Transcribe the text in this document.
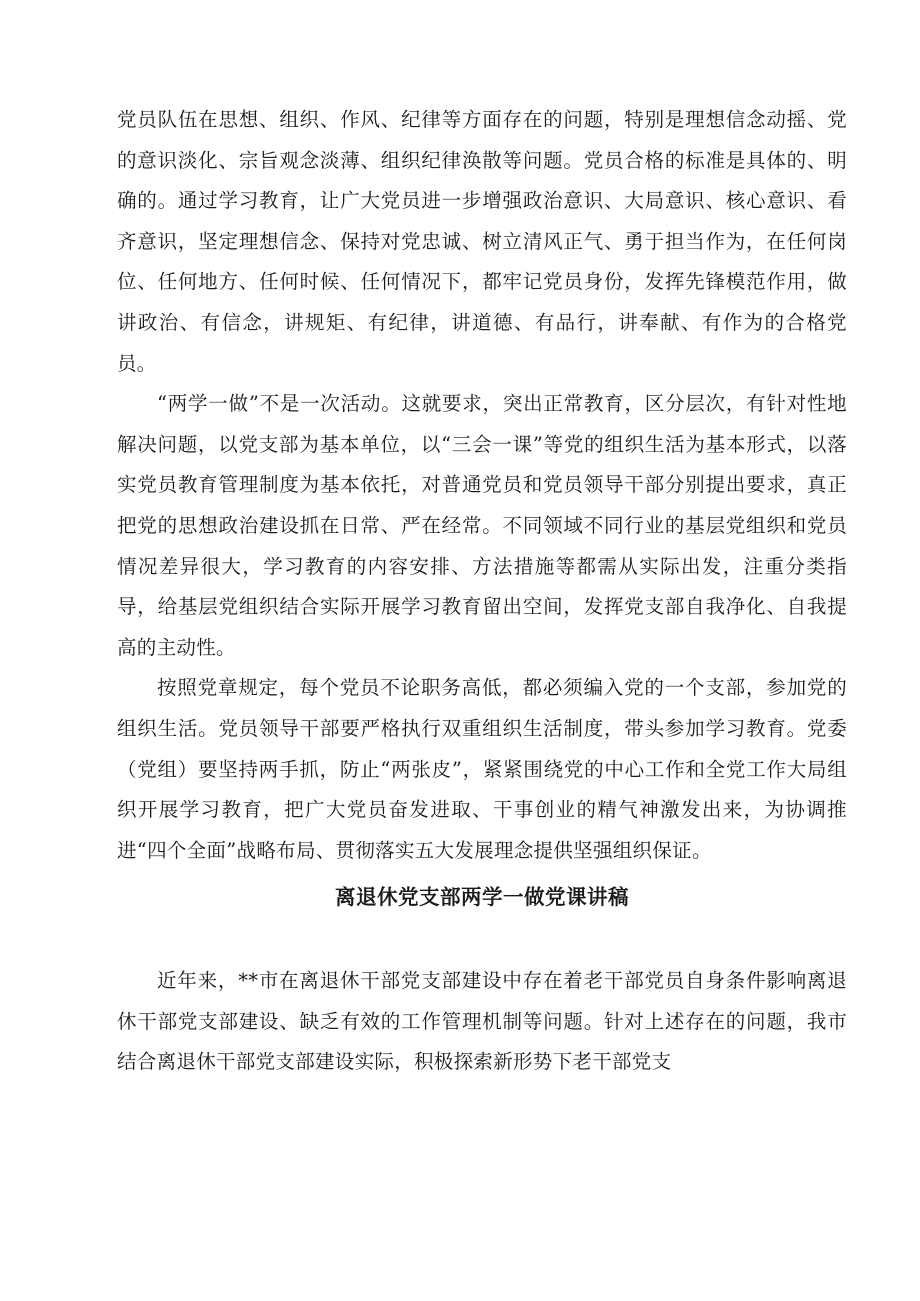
党员队伍在思想、组织、作风、纪律等方面存在的问题，特别是理想信念动摇、党的意识淡化、宗旨观念淡薄、组织纪律涣散等问题。党员合格的标准是具体的、明确的。通过学习教育，让广大党员进一步增强政治意识、大局意识、核心意识、看齐意识，坚定理想信念、保持对党忠诚、树立清风正气、勇于担当作为，在任何岗位、任何地方、任何时候、任何情况下，都牢记党员身份，发挥先锋模范作用，做讲政治、有信念，讲规矩、有纪律，讲道德、有品行，讲奉献、有作为的合格党员。

“两学一做”不是一次活动。这就要求，突出正常教育，区分层次，有针对性地解决问题，以党支部为基本单位，以“三会一课”等党的组织生活为基本形式，以落实党员教育管理制度为基本依托，对普通党员和党员领导干部分别提出要求，真正把党的思想政治建设抓在日常、严在经常。不同领域不同行业的基层党组织和党员情况差异很大，学习教育的内容安排、方法措施等都需从实际出发，注重分类指导，给基层党组织结合实际开展学习教育留出空间，发挥党支部自我净化、自我提高的主动性。

按照党章规定，每个党员不论职务高低，都必须编入党的一个支部，参加党的组织生活。党员领导干部要严格执行双重组织生活制度，带头参加学习教育。党委（党组）要坚持两手抓，防止“两张皮”，紧紧围绕党的中心工作和全党工作大局组织开展学习教育，把广大党员奋发进取、干事创业的精气神激发出来，为协调推进“四个全面”战略布局、贯彻落实五大发展理念提供坚强组织保证。

离退休党支部两学一做党课讲稿

近年来，**市在离退休干部党支部建设中存在着老干部党员自身条件影响离退休干部党支部建设、缺乏有效的工作管理机制等问题。针对上述存在的问题，我市结合离退休干部党支部建设实际，积极探索新形势下老干部党支
